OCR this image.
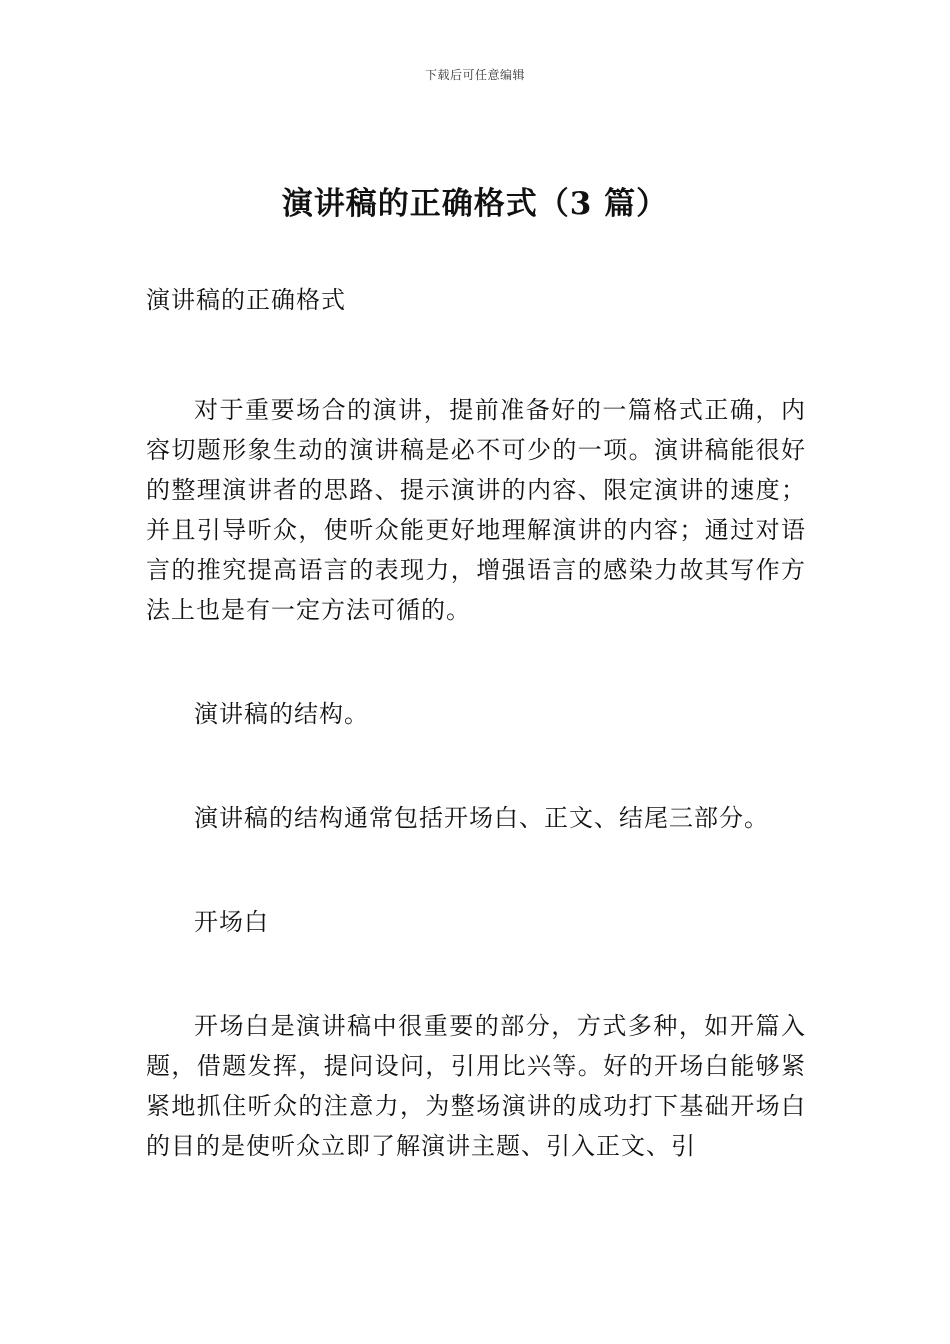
下载后可任意编辑
演讲稿的正确格式（3 篇）

演讲稿的正确格式

对于重要场合的演讲，提前准备好的一篇格式正确，内容切题形象生动的演讲稿是必不可少的一项。演讲稿能很好的整理演讲者的思路、提示演讲的内容、限定演讲的速度；并且引导听众，使听众能更好地理解演讲的内容；通过对语言的推究提高语言的表现力，增强语言的感染力故其写作方法上也是有一定方法可循的。

演讲稿的结构。

演讲稿的结构通常包括开场白、正文、结尾三部分。

开场白

开场白是演讲稿中很重要的部分，方式多种，如开篇入题，借题发挥，提问设问，引用比兴等。好的开场白能够紧紧地抓住听众的注意力，为整场演讲的成功打下基础开场白的目的是使听众立即了解演讲主题、引入正文、引
